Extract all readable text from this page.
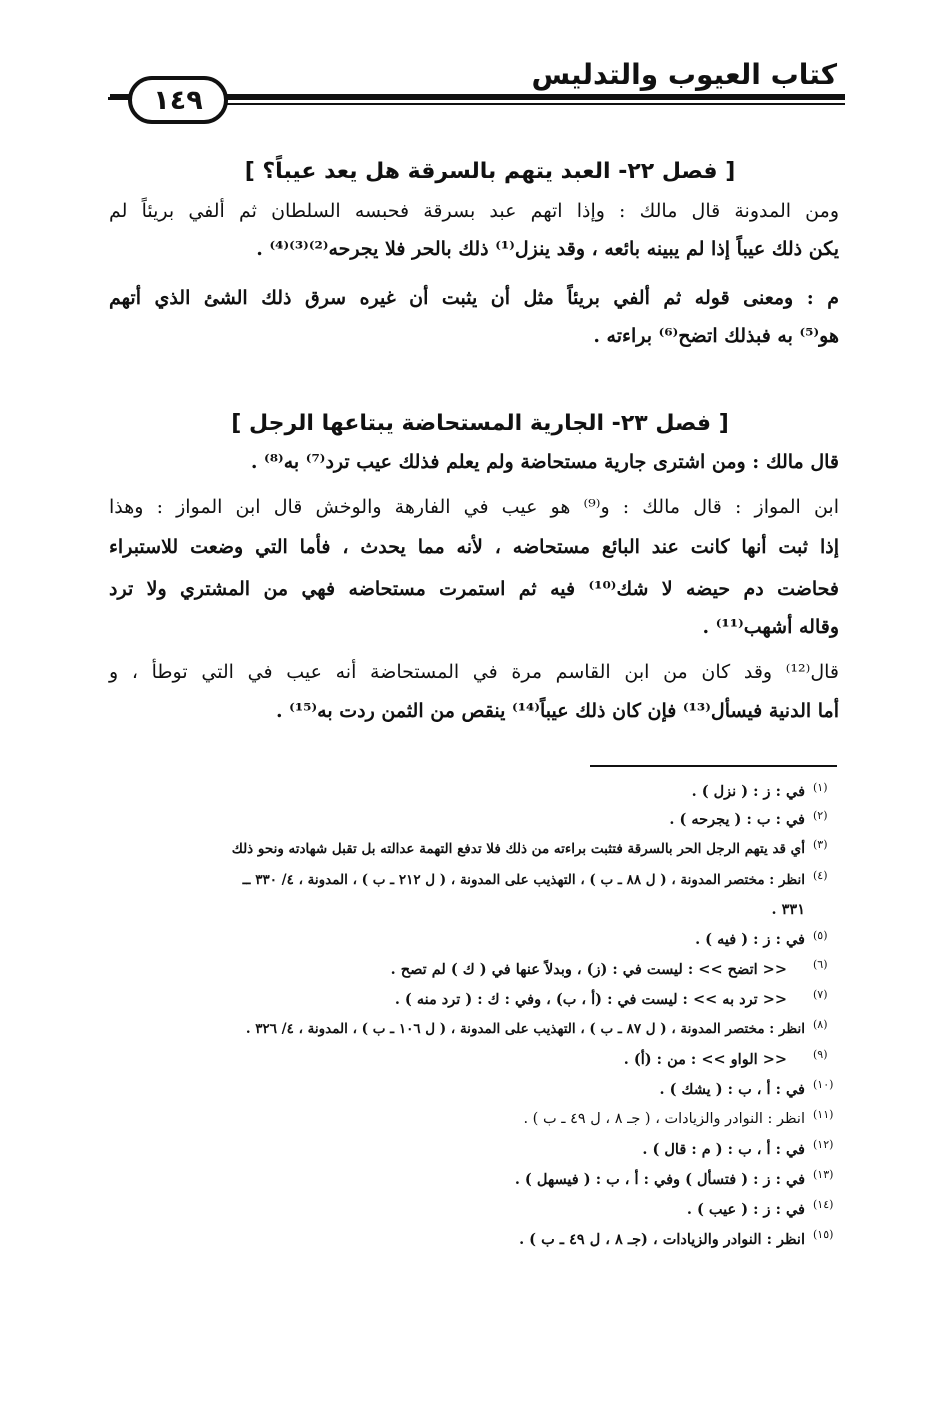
كتاب العيوب والتدليس
١٤٩
[ فصل ٢٢- العبد يتهم بالسرقة هل يعد عيباً؟ ]
ومن المدونة قال مالك : وإذا اتهم عبد بسرقة فحبسه السلطان ثم ألفي بريئاً لم
يكن ذلك عيباً إذا لم يبينه بائعه ، وقد ينزل⁽¹⁾ ذلك بالحر فلا يجرحه⁽²⁾⁽³⁾⁽⁴⁾ .
م : ومعنى قوله ثم ألفي بريئاً مثل أن يثبت أن غيره سرق ذلك الشئ الذي أتهم
هو⁽⁵⁾ به فبذلك اتضح⁽⁶⁾ براءته .
[ فصل ٢٣- الجارية المستحاضة يبتاعها الرجل ]
قال مالك : ومن اشترى جارية مستحاضة ولم يعلم فذلك عيب ترد⁽⁷⁾ به⁽⁸⁾ .
ابن المواز : قال مالك : و⁽⁹⁾ هو عيب في الفارهة والوخش قال ابن المواز : وهذا
إذا ثبت أنها كانت عند البائع مستحاضه ، لأنه مما يحدث ، فأما التي وضعت للاستبراء
فحاضت دم حيضه لا شك⁽¹⁰⁾ فيه ثم استمرت مستحاضه فهي من المشتري ولا ترد
وقاله أشهب⁽¹¹⁾ .
قال⁽¹²⁾ وقد كان من ابن القاسم مرة في المستحاضة أنه عيب في التي توطأ ، و
أما الدنية فيسأل⁽¹³⁾ فإن كان ذلك عيباً⁽¹⁴⁾ ينقص من الثمن ردت به⁽¹⁵⁾ .
(١)
في : ز : ( نزل ) .
(٢)
في : ب : ( يجرحه ) .
(٣)
أي قد يتهم الرجل الحر بالسرقة فتثبت براءته من ذلك فلا تدفع التهمة عدالته بل تقبل شهادته ونحو ذلك
(٤)
انظر : مختصر المدونة ، ( ل ٨٨ ـ ب ) ، التهذيب على المدونة ، ( ل ٢١٢ ـ ب ) ، المدونة ، ٤/ ٣٣٠ ــ
٣٣١ .
(٥)
في : ز : ( فيه ) .
(٦)
<< اتضح >> : ليست في : (ز) ، وبدلاً عنها في ( ك ) لم تصح .
(٧)
<< ترد به >> : ليست في : (أ ، ب) ، وفي : ك : ( ترد منه ) .
(٨)
انظر : مختصر المدونة ، ( ل ٨٧ ـ ب ) ، التهذيب على المدونة ، ( ل ١٠٦ ـ ب ) ، المدونة ، ٤/ ٣٢٦ .
(٩)
<< الواو >> : من : (أ) .
(١٠)
في : أ ، ب : ( يشك ) .
(١١)
انظر : النوادر والزيادات ، ( جـ ٨ ، ل ٤٩ ـ ب ) .
(١٢)
في : أ ، ب : ( م : قال ) .
(١٣)
في : ز : ( فتسأل ) وفي : أ ، ب : ( فيسهل ) .
(١٤)
في : ز : ( عيب ) .
(١٥)
انظر : النوادر والزيادات ، (جـ ٨ ، ل ٤٩ ـ ب ) .
